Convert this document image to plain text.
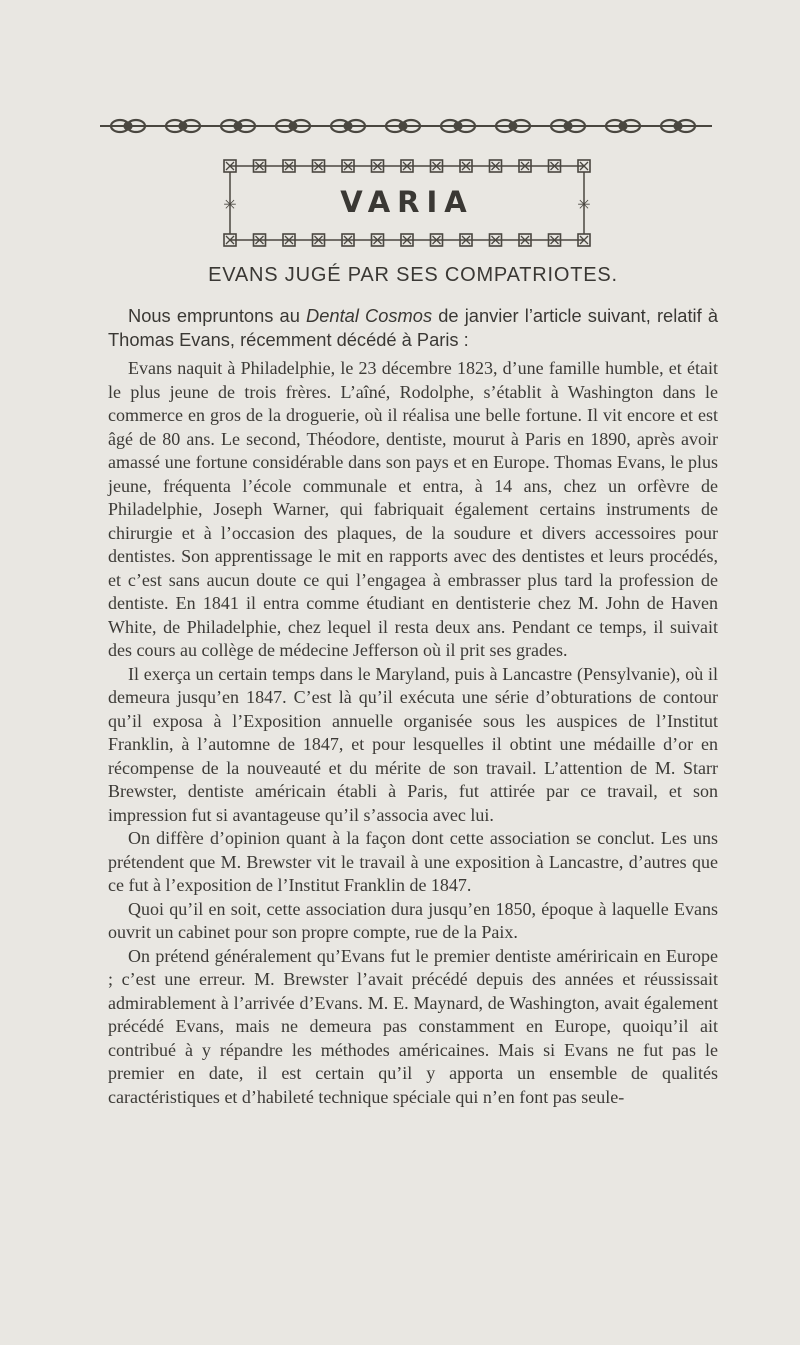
✳	✳
VARIA
EVANS JUGÉ PAR SES COMPATRIOTES.
Nous empruntons au Dental Cosmos de janvier l’article suivant, relatif à Thomas Evans, récemment décédé à Paris :

Evans naquit à Philadelphie, le 23 décembre 1823, d’une famille humble, et était le plus jeune de trois frères. L’aîné, Rodolphe, s’établit à Washington dans le commerce en gros de la droguerie, où il réalisa une belle fortune. Il vit encore et est âgé de 80 ans. Le second, Théodore, dentiste, mourut à Paris en 1890, après avoir amassé une fortune considérable dans son pays et en Europe. Thomas Evans, le plus jeune, fréquenta l’école communale et entra, à 14 ans, chez un orfèvre de Philadelphie, Joseph Warner, qui fabriquait également certains instruments de chirurgie et à l’occasion des plaques, de la soudure et divers accessoires pour dentistes. Son apprentissage le mit en rapports avec des dentistes et leurs procédés, et c’est sans aucun doute ce qui l’engagea à embrasser plus tard la profession de dentiste. En 1841 il entra comme étudiant en dentisterie chez M. John de Haven White, de Philadelphie, chez lequel il resta deux ans. Pendant ce temps, il suivait des cours au collège de médecine Jefferson où il prit ses grades.

Il exerça un certain temps dans le Maryland, puis à Lancastre (Pensylvanie), où il demeura jusqu’en 1847. C’est là qu’il exécuta une série d’obturations de contour qu’il exposa à l’Exposition annuelle organisée sous les auspices de l’Institut Franklin, à l’automne de 1847, et pour lesquelles il obtint une médaille d’or en récompense de la nouveauté et du mérite de son travail. L’attention de M. Starr Brewster, dentiste américain établi à Paris, fut attirée par ce travail, et son impression fut si avantageuse qu’il s’associa avec lui.

On diffère d’opinion quant à la façon dont cette association se conclut. Les uns prétendent que M. Brewster vit le travail à une exposition à Lancastre, d’autres que ce fut à l’exposition de l’Institut Franklin de 1847.

Quoi qu’il en soit, cette association dura jusqu’en 1850, époque à laquelle Evans ouvrit un cabinet pour son propre compte, rue de la Paix.

On prétend généralement qu’Evans fut le premier dentiste amériricain en Europe ; c’est une erreur. M. Brewster l’avait précédé depuis des années et réussissait admirablement à l’arrivée d’Evans. M. E. Maynard, de Washington, avait également précédé Evans, mais ne demeura pas constamment en Europe, quoiqu’il ait contribué à y répandre les méthodes américaines. Mais si Evans ne fut pas le premier en date, il est certain qu’il y apporta un ensemble de qualités caractéristiques et d’habileté technique spéciale qui n’en font pas seule-
